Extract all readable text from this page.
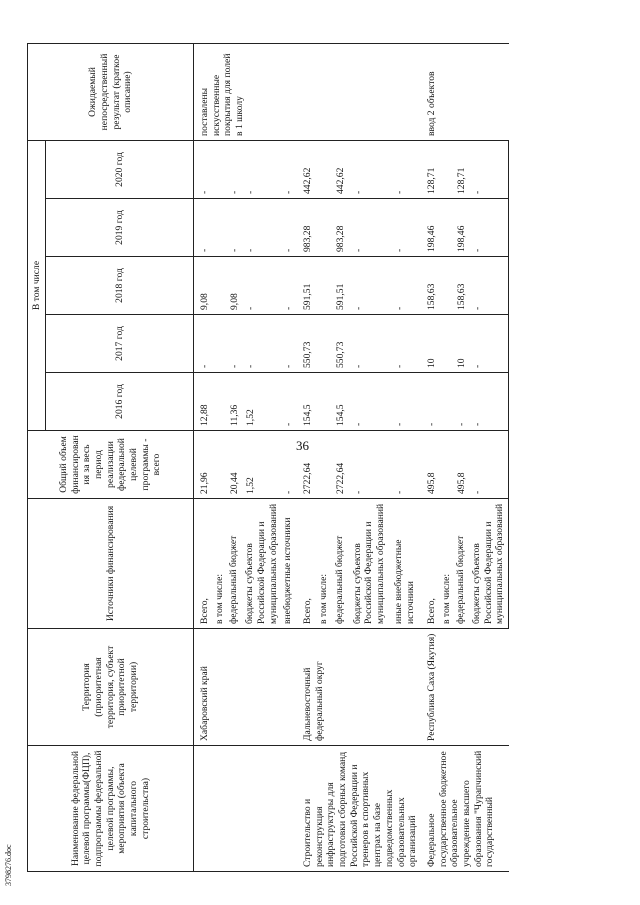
36
Наименование федеральной целевой программы(ФЦП), подпрограммы федеральной целевой программы, мероприятия (объекта капитального строительства)	Территория (приоритетная территория, субъект приоритетной территории)	Источники финансирования	Общий объем финансирования за весь период реализации федеральной целевой программы - всего	В том числе					Ожидаемый непосредственный результат (краткое описание)
				2016 год	2017 год	2018 год	2019 год	2020 год	
	Хабаровский край	Всего,	21,96	12,88	-	9,08	-	-	поставлены искусственные покрытия для полей в 1 школу
		в том числе:							
		федеральный бюджет	20,44	11,36	-	9,08	-	-	
		бюджеты субъектов Российской Федерации и муниципальных образований	1,52	1,52	-	-	-	-	
		внебюджетные источники	-	-	-	-	-	-	
Строительство и реконструкция инфраструктуры для подготовки сборных команд Российской Федерации и тренеров в спортивных центрах на базе подведомственных образовательных организаций	Дальневосточный федеральный округ	Всего,	2722,64	154,5	550,73	591,51	983,28	442,62	
		в том числе:							
		федеральный бюджет	2722,64	154,5	550,73	591,51	983,28	442,62	
		бюджеты субъектов Российской Федерации и муниципальных образований	-	-	-	-	-	-	
		иные внебюджетные источники	-	-	-	-	-	-	
Федеральное государственное бюджетное образовательное учреждение высшего образования "Чурапчинский государственный	Республика Саха (Якутия)	Всего,	495,8	-	10	158,63	198,46	128,71	ввод 2 объектов
		в том числе:							
		федеральный бюджет	495,8	-	10	158,63	198,46	128,71	
		бюджеты субъектов Российской Федерации и муниципальных образований	-	-	-	-	-	-	
3798276.doc
